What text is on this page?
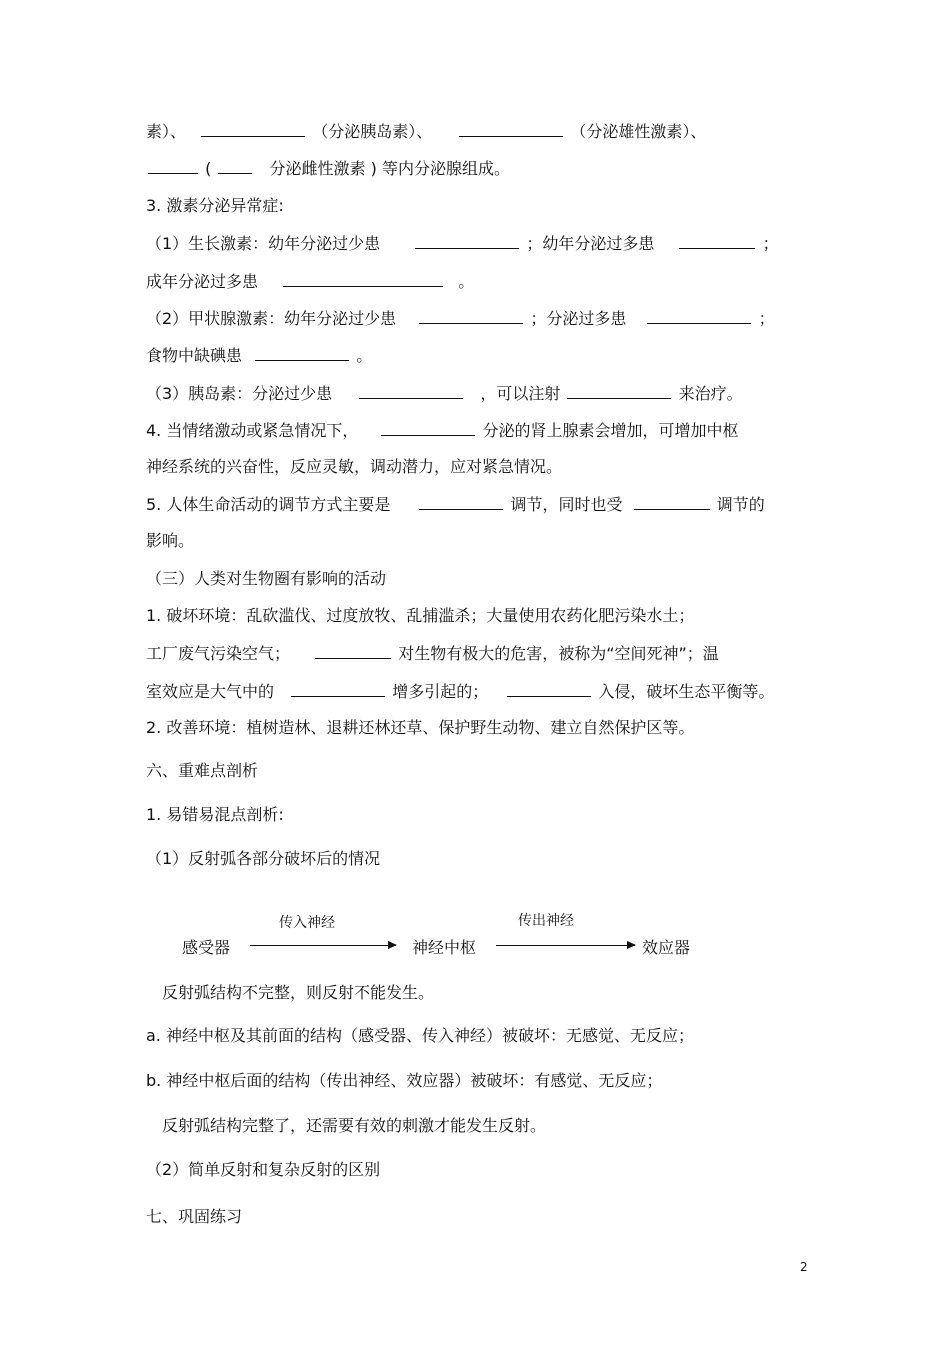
素）、	（分泌胰岛素）、	（分泌雄性激素）、
(	分泌雌性激素 ) 等内分泌腺组成。
3. 激素分泌异常症:
（1）生长激素：幼年分泌过少患	；幼年分泌过多患	；
成年分泌过多患	。
（2）甲状腺激素：幼年分泌过少患	；分泌过多患	；
食物中缺碘患	。
（3）胰岛素：分泌过少患	，可以注射	来治疗。
4. 当情绪激动或紧急情况下，	分泌的肾上腺素会增加，可增加中枢
神经系统的兴奋性，反应灵敏，调动潜力，应对紧急情况。
5. 人体生命活动的调节方式主要是	调节，同时也受	调节的
影响。
（三）人类对生物圈有影响的活动
1. 破坏环境：乱砍滥伐、过度放牧、乱捕滥杀；大量使用农药化肥污染水土；
工厂废气污染空气；	对生物有极大的危害，被称为“空间死神”；温
室效应是大气中的	增多引起的；	入侵，破坏生态平衡等。
2. 改善环境：植树造林、退耕还林还草、保护野生动物、建立自然保护区等。
六、重难点剖析
1. 易错易混点剖析:
（1）反射弧各部分破坏后的情况
感受器
传入神经
神经中枢
传出神经
效应器
反射弧结构不完整，则反射不能发生。
a. 神经中枢及其前面的结构（感受器、传入神经）被破坏：无感觉、无反应；
b. 神经中枢后面的结构（传出神经、效应器）被破坏：有感觉、无反应；
反射弧结构完整了，还需要有效的刺激才能发生反射。
（2）简单反射和复杂反射的区别
七、巩固练习
2
